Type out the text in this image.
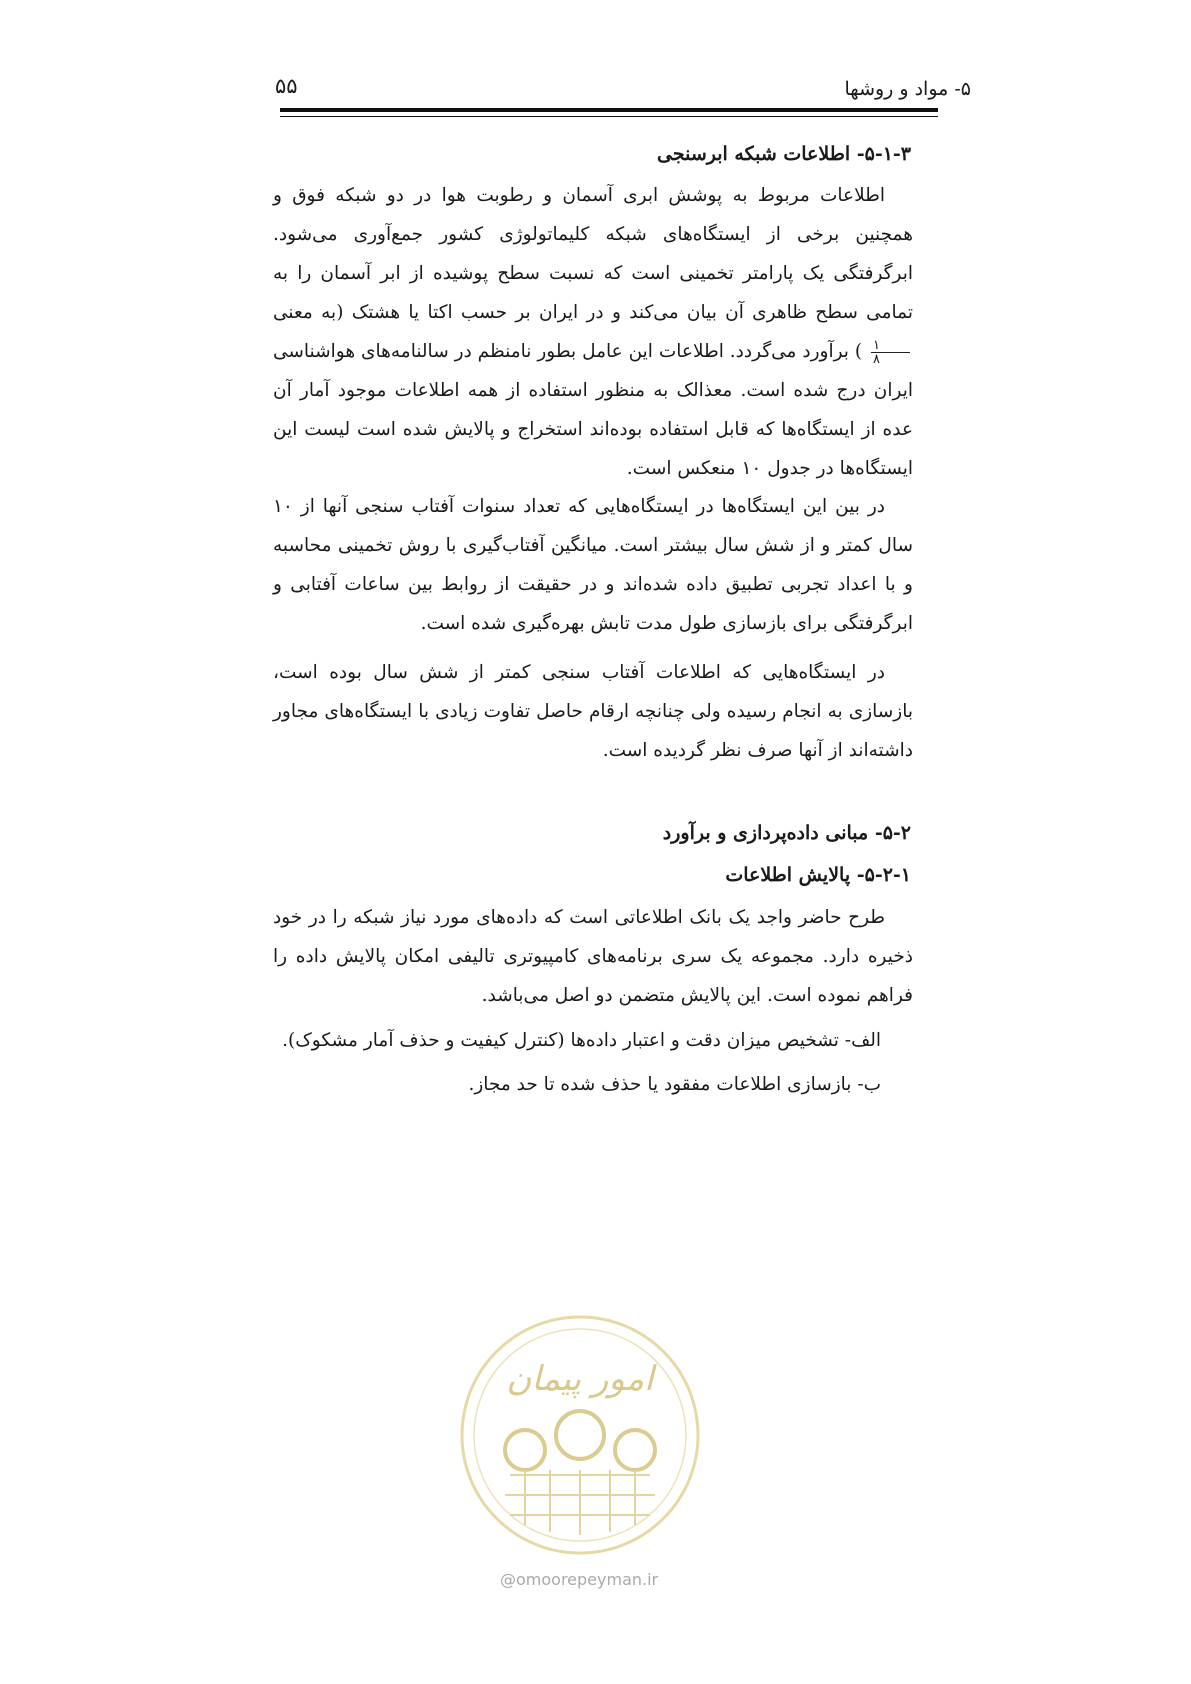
۵- مواد و روشها
۵۵
۵-۱-۳- اطلاعات شبکه ابرسنجی

اطلاعات مربوط به پوشش ابری آسمان و رطوبت هوا در دو شبکه فوق و همچنین برخی از ایستگاه‌های شبکه کلیماتولوژی کشور جمع‌آوری می‌شود. ابرگرفتگی یک پارامتر تخمینی است که نسبت سطح پوشیده از ابر آسمان را به تمامی سطح ظاهری آن بیان می‌کند و در ایران بر حسب اکتا یا هشتک (به معنی
$\frac{۱}{۸}$
) برآورد می‌گردد. اطلاعات این عامل بطور نامنظم در سالنامه‌های هواشناسی ایران درج شده است. معذالک به منظور استفاده از همه اطلاعات موجود آمار آن عده از ایستگاه‌ها که قابل استفاده بوده‌اند استخراج و پالایش شده است لیست این ایستگاه‌ها در جدول ۱۰ منعکس است.

در بین این ایستگاه‌ها در ایستگاه‌هایی که تعداد سنوات آفتاب سنجی آنها از ۱۰ سال کمتر و از شش سال بیشتر است. میانگین آفتاب‌گیری با روش تخمینی محاسبه و با اعداد تجربی تطبیق داده شده‌اند و در حقیقت از روابط بین ساعات آفتابی و ابرگرفتگی برای بازسازی طول مدت تابش بهره‌گیری شده است.

در ایستگاه‌هایی که اطلاعات آفتاب سنجی کمتر از شش سال بوده است، بازسازی به انجام رسیده ولی چنانچه ارقام حاصل تفاوت زیادی با ایستگاه‌های مجاور داشته‌اند از آنها صرف نظر گردیده است.

۵-۲- مبانی داده‌پردازی و برآورد
۵-۲-۱- پالایش اطلاعات

طرح حاضر واجد یک بانک اطلاعاتی است که داده‌های مورد نیاز شبکه را در خود ذخیره دارد. مجموعه یک سری برنامه‌های کامپیوتری تالیفی امکان پالایش داده را فراهم نموده است. این پالایش متضمن دو اصل می‌باشد.

الف- تشخیص میزان دقت و اعتبار داده‌ها (کنترل کیفیت و حذف آمار مشکوک).
ب- بازسازی اطلاعات مفقود یا حذف شده تا حد مجاز.
امور پیمان
@omoorepeyman.ir
